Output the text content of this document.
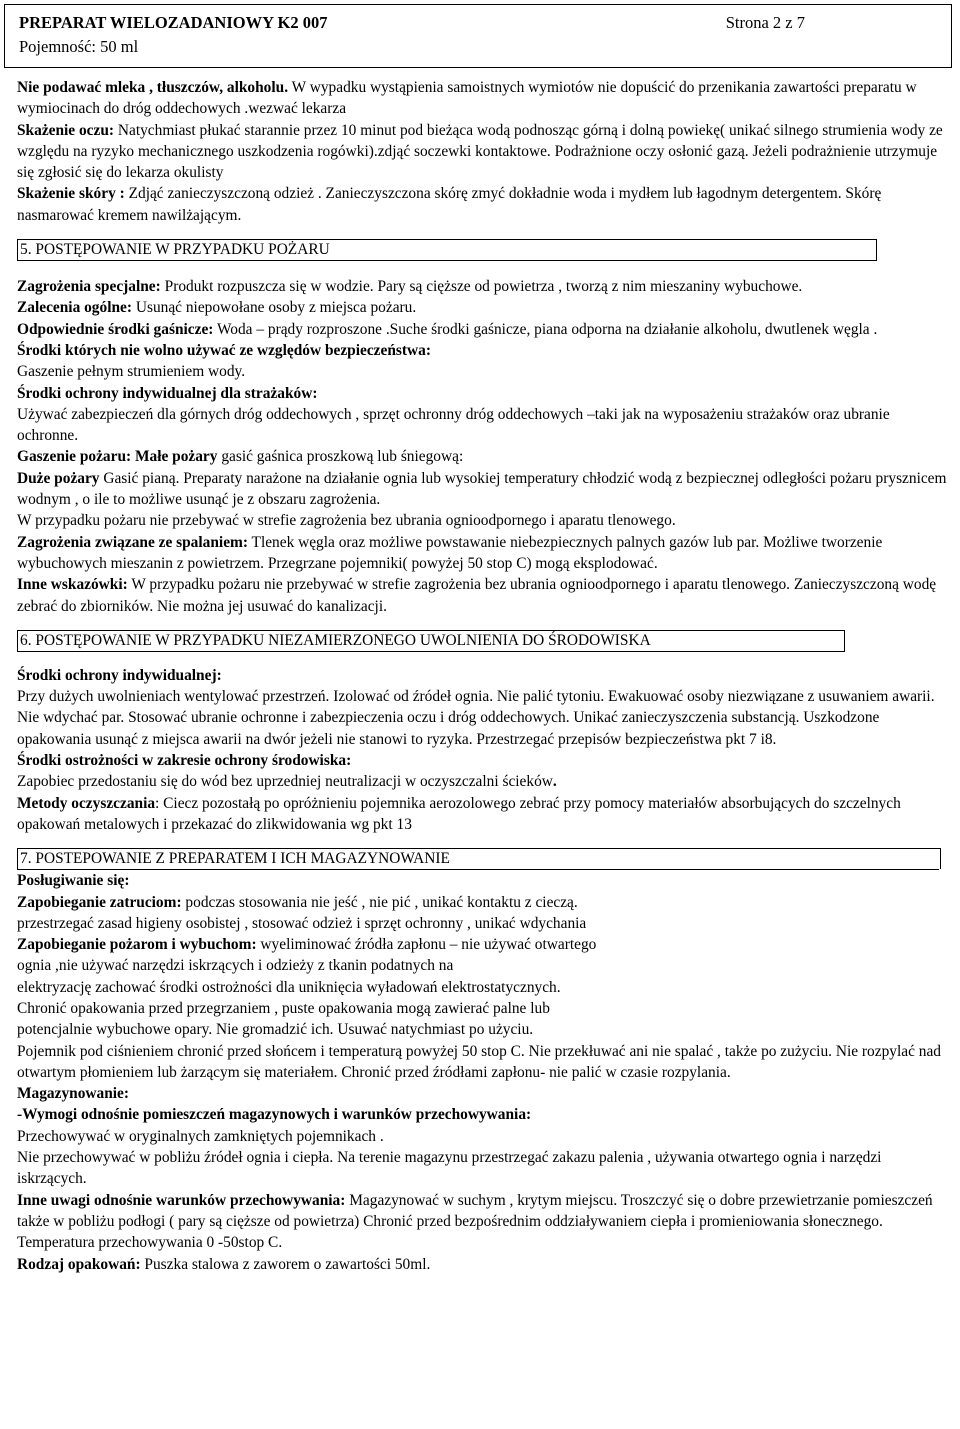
PREPARAT WIELOZADANIOWY K2 007	Strona 2 z 7
Pojemność: 50 ml

Nie podawać mleka , tłuszczów, alkoholu. W wypadku wystąpienia samoistnych wymiotów nie dopuścić do przenikania zawartości preparatu w wymiocinach do dróg oddechowych .wezwać lekarza

Skażenie oczu: Natychmiast płukać starannie przez 10 minut pod bieżąca wodą podnosząc górną i dolną powiekę( unikać silnego strumienia wody ze względu na ryzyko mechanicznego uszkodzenia rogówki).zdjąć soczewki kontaktowe. Podrażnione oczy osłonić gazą. Jeżeli podrażnienie utrzymuje się zgłosić się do lekarza okulisty

Skażenie skóry : Zdjąć zanieczyszczoną odzież . Zanieczyszczona skórę zmyć dokładnie woda i mydłem lub łagodnym detergentem. Skórę nasmarować kremem nawilżającym.

5. POSTĘPOWANIE W PRZYPADKU POŻARU

Zagrożenia specjalne: Produkt rozpuszcza się w wodzie. Pary są cięższe od powietrza , tworzą z nim mieszaniny wybuchowe.

Zalecenia ogólne: Usunąć niepowołane osoby z miejsca pożaru.

Odpowiednie środki gaśnicze: Woda – prądy rozproszone .Suche środki gaśnicze, piana odporna na działanie alkoholu, dwutlenek węgla .

Środki których nie wolno używać ze względów bezpieczeństwa:

Gaszenie pełnym strumieniem wody.

Środki ochrony indywidualnej dla strażaków:

Używać zabezpieczeń dla górnych dróg oddechowych , sprzęt ochronny dróg oddechowych –taki jak na wyposażeniu strażaków oraz ubranie ochronne.

Gaszenie pożaru: Małe pożary gasić gaśnica proszkową lub śniegową:

Duże pożary Gasić pianą. Preparaty narażone na działanie ognia lub wysokiej temperatury chłodzić wodą z bezpiecznej odległości pożaru prysznicem wodnym , o ile to możliwe usunąć je z obszaru zagrożenia.

W przypadku pożaru nie przebywać w strefie zagrożenia bez ubrania ognioodpornego i aparatu tlenowego.

Zagrożenia związane ze spalaniem: Tlenek węgla oraz możliwe powstawanie niebezpiecznych palnych gazów lub par. Możliwe tworzenie wybuchowych mieszanin z powietrzem. Przegrzane pojemniki( powyżej 50 stop C) mogą eksplodować.

Inne wskazówki: W przypadku pożaru nie przebywać w strefie zagrożenia bez ubrania ognioodpornego i aparatu tlenowego. Zanieczyszczoną wodę zebrać do zbiorników. Nie można jej usuwać do kanalizacji.

6. POSTĘPOWANIE W PRZYPADKU NIEZAMIERZONEGO UWOLNIENIA DO ŚRODOWISKA

Środki ochrony indywidualnej:

Przy dużych uwolnieniach wentylować przestrzeń. Izolować od źródeł ognia. Nie palić tytoniu. Ewakuować osoby niezwiązane z usuwaniem awarii. Nie wdychać par. Stosować ubranie ochronne i zabezpieczenia oczu i dróg oddechowych. Unikać zanieczyszczenia substancją. Uszkodzone opakowania usunąć z miejsca awarii na dwór jeżeli nie stanowi to ryzyka. Przestrzegać przepisów bezpieczeństwa pkt 7 i8.

Środki ostrożności w zakresie ochrony środowiska:

Zapobiec przedostaniu się do wód bez uprzedniej neutralizacji w oczyszczalni ścieków.

Metody oczyszczania: Ciecz pozostałą po opróżnieniu pojemnika aerozolowego zebrać przy pomocy materiałów absorbujących do szczelnych opakowań metalowych i przekazać do zlikwidowania wg pkt 13

7. POSTEPOWANIE Z PREPARATEM I ICH MAGAZYNOWANIE

Posługiwanie się:

Zapobieganie zatruciom: podczas stosowania nie jeść , nie pić , unikać kontaktu z cieczą.

przestrzegać zasad higieny osobistej , stosować odzież i sprzęt ochronny , unikać wdychania

Zapobieganie pożarom i wybuchom: wyeliminować źródła zapłonu – nie używać otwartego

ognia ,nie używać narzędzi iskrzących i odzieży z tkanin podatnych na

elektryzację zachować środki ostrożności dla uniknięcia wyładowań elektrostatycznych.

Chronić opakowania przed przegrzaniem , puste opakowania mogą zawierać palne lub

potencjalnie wybuchowe opary. Nie gromadzić ich. Usuwać natychmiast po użyciu.

Pojemnik pod ciśnieniem chronić przed słońcem i temperaturą powyżej 50 stop C. Nie przekłuwać ani nie spalać , także po zużyciu. Nie rozpylać nad otwartym płomieniem lub żarzącym się materiałem. Chronić przed źródłami zapłonu- nie palić w czasie rozpylania.

Magazynowanie:

-Wymogi odnośnie pomieszczeń magazynowych i warunków przechowywania:

Przechowywać w oryginalnych zamkniętych pojemnikach .

Nie przechowywać w pobliżu źródeł ognia i ciepła. Na terenie magazynu przestrzegać zakazu palenia , używania otwartego ognia i narzędzi iskrzących.

Inne uwagi odnośnie warunków przechowywania: Magazynować w suchym , krytym miejscu. Troszczyć się o dobre przewietrzanie pomieszczeń także w pobliżu podłogi ( pary są cięższe od powietrza) Chronić przed bezpośrednim oddziaływaniem ciepła i promieniowania słonecznego. Temperatura przechowywania 0 -50stop C.

Rodzaj opakowań: Puszka stalowa z zaworem o zawartości 50ml.
